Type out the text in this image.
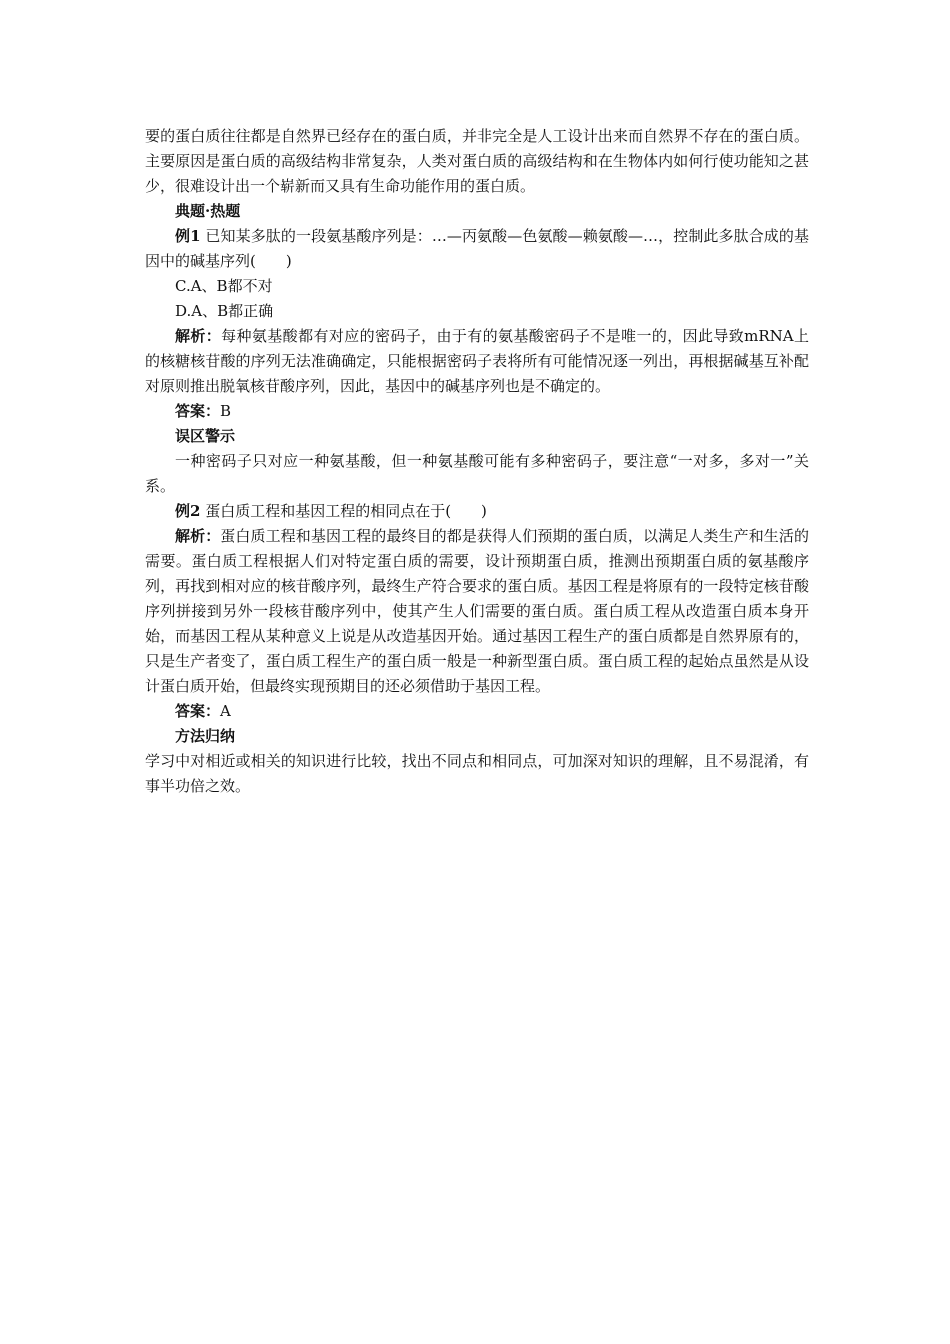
要的蛋白质往往都是自然界已经存在的蛋白质，并非完全是人工设计出来而自然界不存在的蛋白质。主要原因是蛋白质的高级结构非常复杂，人类对蛋白质的高级结构和在生物体内如何行使功能知之甚少，很难设计出一个崭新而又具有生命功能作用的蛋白质。

典题·热题

例1 已知某多肽的一段氨基酸序列是：…—丙氨酸—色氨酸—赖氨酸—…，控制此多肽合成的基因中的碱基序列(　　)

C.A、B都不对

D.A、B都正确

解析：每种氨基酸都有对应的密码子，由于有的氨基酸密码子不是唯一的，因此导致mRNA上的核糖核苷酸的序列无法准确确定，只能根据密码子表将所有可能情况逐一列出，再根据碱基互补配对原则推出脱氧核苷酸序列，因此，基因中的碱基序列也是不确定的。

答案：B

误区警示

一种密码子只对应一种氨基酸，但一种氨基酸可能有多种密码子，要注意“一对多，多对一”关系。

例2 蛋白质工程和基因工程的相同点在于(　　)

解析：蛋白质工程和基因工程的最终目的都是获得人们预期的蛋白质，以满足人类生产和生活的需要。蛋白质工程根据人们对特定蛋白质的需要，设计预期蛋白质，推测出预期蛋白质的氨基酸序列，再找到相对应的核苷酸序列，最终生产符合要求的蛋白质。基因工程是将原有的一段特定核苷酸序列拼接到另外一段核苷酸序列中，使其产生人们需要的蛋白质。蛋白质工程从改造蛋白质本身开始，而基因工程从某种意义上说是从改造基因开始。通过基因工程生产的蛋白质都是自然界原有的，只是生产者变了，蛋白质工程生产的蛋白质一般是一种新型蛋白质。蛋白质工程的起始点虽然是从设计蛋白质开始，但最终实现预期目的还必须借助于基因工程。

答案：A

方法归纳

学习中对相近或相关的知识进行比较，找出不同点和相同点，可加深对知识的理解，且不易混淆，有事半功倍之效。
